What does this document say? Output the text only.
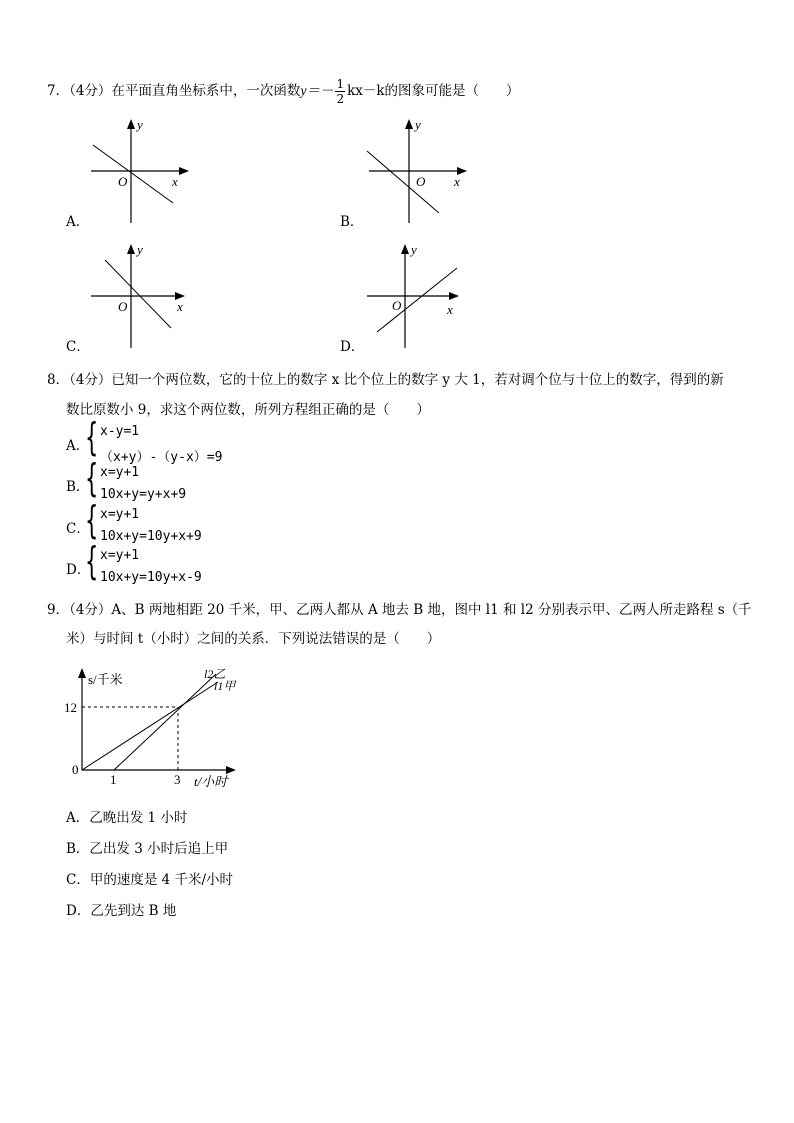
7．（4分）在平面直角坐标系中，一次函数$y=- \frac{1}{2} kx-k$的图象可能是（　　）
y
O	x
A．
y
O x
B．
y
O	x
C．
y
O	x
D．
8．（4分）已知一个两位数，它的十位上的数字 x 比个位上的数字 y 大 1，若对调个位与十位上的数字，得到的新
数比原数小 9，求这个两位数，所列方程组正确的是（　　）
A．
{ x-y=1
（x+y）-（y-x）=9
B．
{ x=y+1
10x+y=y+x+9
C．
{ x=y+1
10x+y=10y+x+9
D．
{ x=y+1
10x+y=10y+x-9
9．（4分）A、B 两地相距 20 千米，甲、乙两人都从 A 地去 B 地，图中 l1 和 l2 分别表示甲、乙两人所走路程 s（千
米）与时间 t（小时）之间的关系．下列说法错误的是（　　）
s/千米
12
0
1	3 t/小时
l2乙
l1甲
A．乙晚出发 1 小时
B．乙出发 3 小时后追上甲
C．甲的速度是 4 千米/小时
D．乙先到达 B 地
